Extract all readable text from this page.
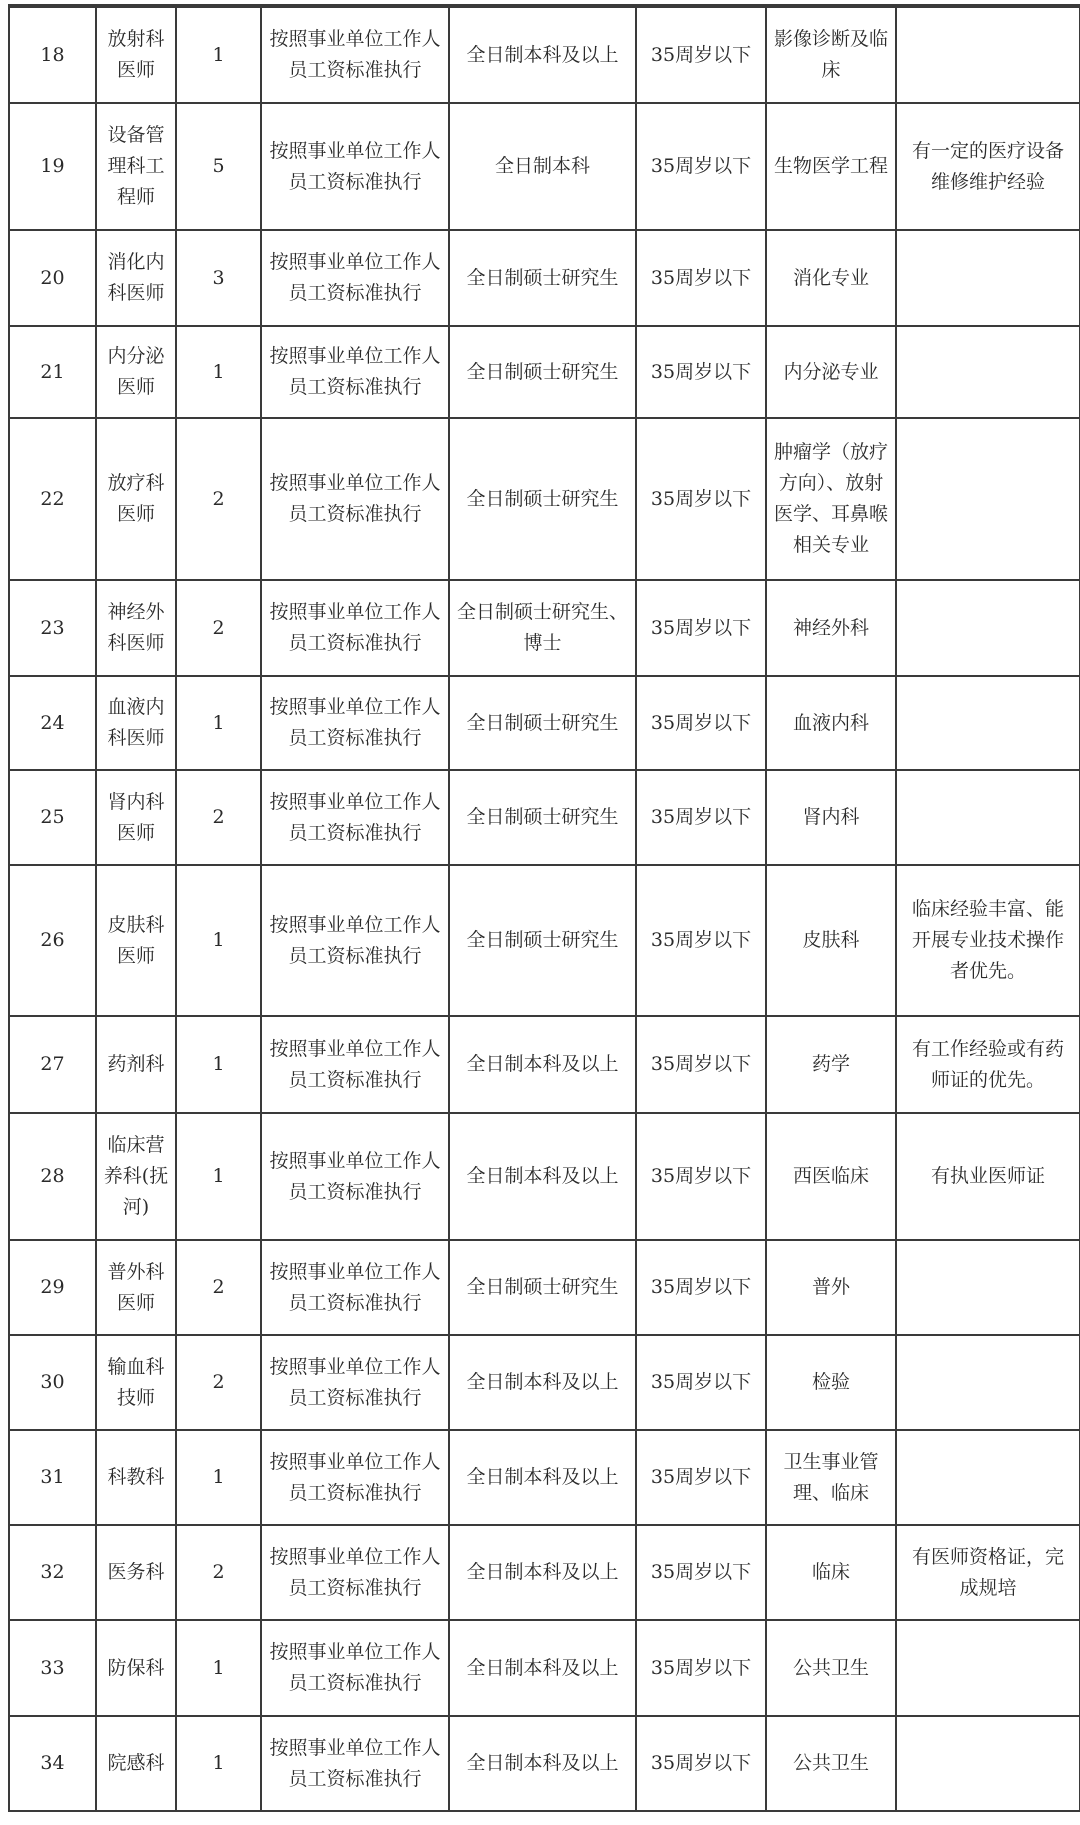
18	放射科医师	1	按照事业单位工作人员工资标准执行	全日制本科及以上	35周岁以下	影像诊断及临床	
19	设备管理科工程师	5	按照事业单位工作人员工资标准执行	全日制本科	35周岁以下	生物医学工程	有一定的医疗设备维修维护经验
20	消化内科医师	3	按照事业单位工作人员工资标准执行	全日制硕士研究生	35周岁以下	消化专业	
21	内分泌医师	1	按照事业单位工作人员工资标准执行	全日制硕士研究生	35周岁以下	内分泌专业	
22	放疗科医师	2	按照事业单位工作人员工资标准执行	全日制硕士研究生	35周岁以下	肿瘤学（放疗方向）、放射医学、耳鼻喉相关专业	
23	神经外科医师	2	按照事业单位工作人员工资标准执行	全日制硕士研究生、博士	35周岁以下	神经外科	
24	血液内科医师	1	按照事业单位工作人员工资标准执行	全日制硕士研究生	35周岁以下	血液内科	
25	肾内科医师	2	按照事业单位工作人员工资标准执行	全日制硕士研究生	35周岁以下	肾内科	
26	皮肤科医师	1	按照事业单位工作人员工资标准执行	全日制硕士研究生	35周岁以下	皮肤科	临床经验丰富、能开展专业技术操作者优先。
27	药剂科	1	按照事业单位工作人员工资标准执行	全日制本科及以上	35周岁以下	药学	有工作经验或有药师证的优先。
28	临床营养科(抚河)	1	按照事业单位工作人员工资标准执行	全日制本科及以上	35周岁以下	西医临床	有执业医师证
29	普外科医师	2	按照事业单位工作人员工资标准执行	全日制硕士研究生	35周岁以下	普外	
30	输血科技师	2	按照事业单位工作人员工资标准执行	全日制本科及以上	35周岁以下	检验	
31	科教科	1	按照事业单位工作人员工资标准执行	全日制本科及以上	35周岁以下	卫生事业管理、临床	
32	医务科	2	按照事业单位工作人员工资标准执行	全日制本科及以上	35周岁以下	临床	有医师资格证，完成规培
33	防保科	1	按照事业单位工作人员工资标准执行	全日制本科及以上	35周岁以下	公共卫生	
34	院感科	1	按照事业单位工作人员工资标准执行	全日制本科及以上	35周岁以下	公共卫生	
